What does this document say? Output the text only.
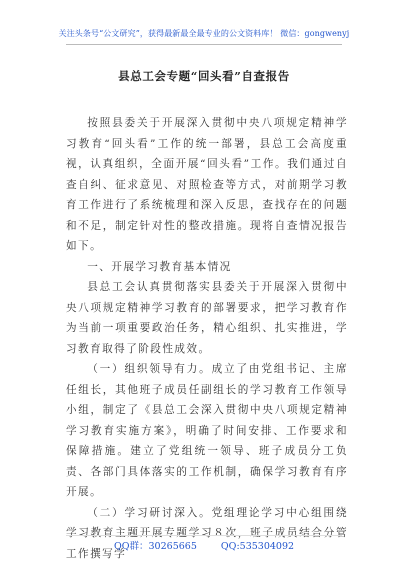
关注头条号“公文研究”，获得最新最全最专业的公文资料库！ 微信：gongwenyj
县总工会专题“回头看”自查报告

按照县委关于开展深入贯彻中央八项规定精神学习教育“回头看”工作的统一部署，县总工会高度重视，认真组织，全面开展“回头看”工作。我们通过自查自纠、征求意见、对照检查等方式，对前期学习教育工作进行了系统梳理和深入反思，查找存在的问题和不足，制定针对性的整改措施。现将自查情况报告如下。

一、开展学习教育基本情况

县总工会认真贯彻落实县委关于开展深入贯彻中央八项规定精神学习教育的部署要求，把学习教育作为当前一项重要政治任务，精心组织、扎实推进，学习教育取得了阶段性成效。

（一）组织领导有力。成立了由党组书记、主席任组长，其他班子成员任副组长的学习教育工作领导小组，制定了《县总工会深入贯彻中央八项规定精神学习教育实施方案》，明确了时间安排、工作要求和保障措施。建立了党组统一领导、班子成员分工负责、各部门具体落实的工作机制，确保学习教育有序开展。

（二）学习研讨深入。党组理论学习中心组围绕学习教育主题开展专题学习８次，班子成员结合分管工作撰写学

QQ群：30265665	QQ:535304092
